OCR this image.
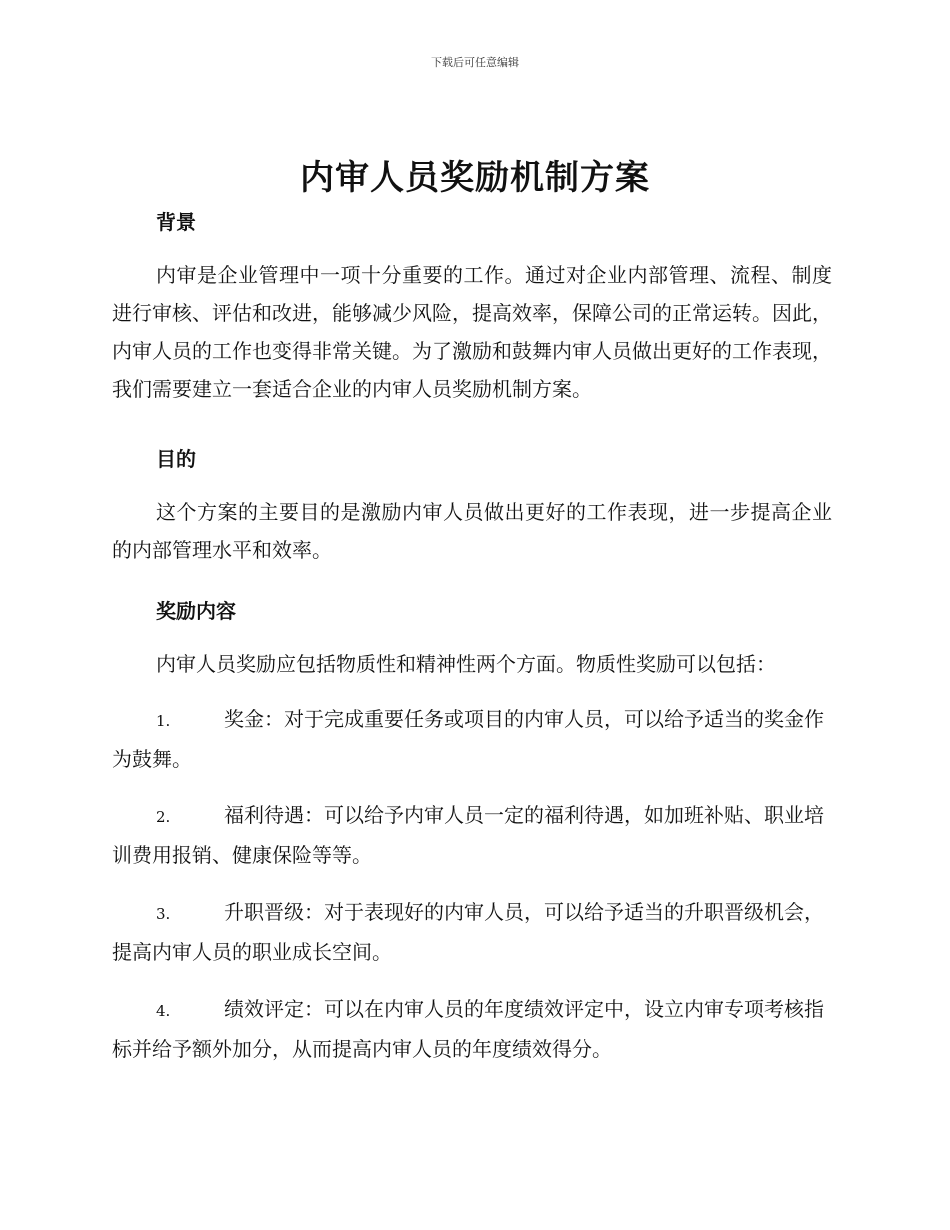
下载后可任意编辑
内审人员奖励机制方案
背景

内审是企业管理中一项十分重要的工作。通过对企业内部管理、流程、制度进行审核、评估和改进，能够减少风险，提高效率，保障公司的正常运转。因此，内审人员的工作也变得非常关键。为了激励和鼓舞内审人员做出更好的工作表现，我们需要建立一套适合企业的内审人员奖励机制方案。

目的

这个方案的主要目的是激励内审人员做出更好的工作表现，进一步提高企业的内部管理水平和效率。

奖励内容

内审人员奖励应包括物质性和精神性两个方面。物质性奖励可以包括：

1.	奖金：对于完成重要任务或项目的内审人员，可以给予适当的奖金作为鼓舞。

2.	福利待遇：可以给予内审人员一定的福利待遇，如加班补贴、职业培训费用报销、健康保险等等。

3.	升职晋级：对于表现好的内审人员，可以给予适当的升职晋级机会，提高内审人员的职业成长空间。

4.	绩效评定：可以在内审人员的年度绩效评定中，设立内审专项考核指标并给予额外加分，从而提高内审人员的年度绩效得分。
